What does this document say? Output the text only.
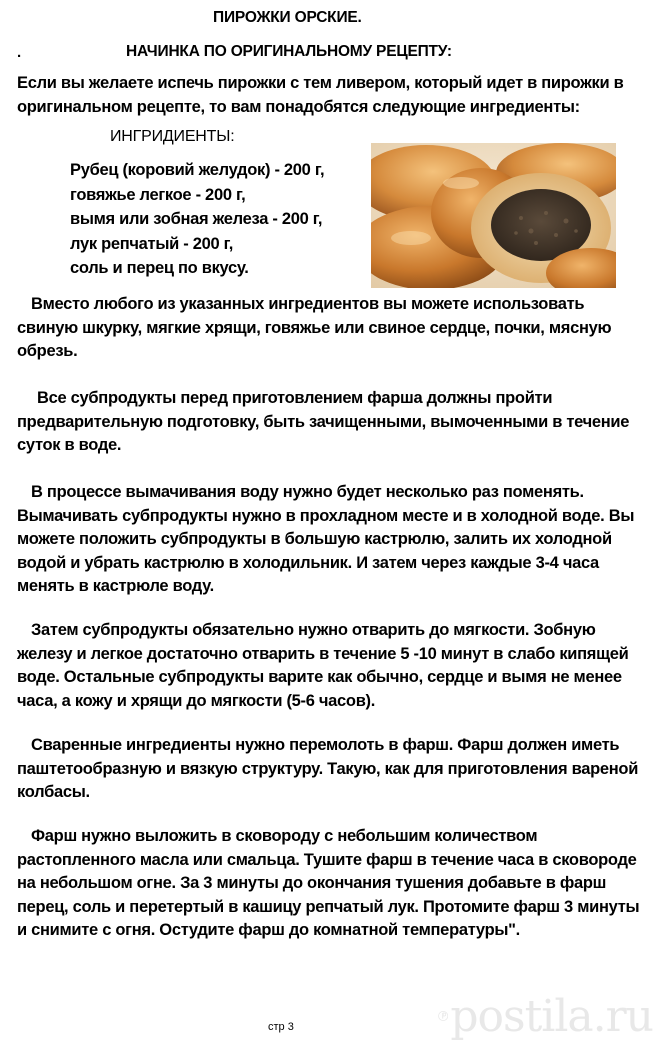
ПИРОЖКИ ОРСКИЕ.
.	НАЧИНКА ПО ОРИГИНАЛЬНОМУ РЕЦЕПТУ:
Если вы желаете испечь пирожки с тем ливером, который идет в пирожки в оригинальном рецепте, то вам понадобятся следующие ингредиенты:
ИНГРИДИЕНТЫ:
Рубец (коровий желудок) - 200 г,
говяжье легкое - 200 г,
вымя или зобная железа - 200 г,
лук репчатый - 200 г,
соль и перец по вкусу.

Вместо любого из указанных ингредиентов вы можете использовать свиную шкурку, мягкие хрящи, говяжье или свиное сердце, почки, мясную обрезь.

Все субпродукты перед приготовлением фарша должны пройти предварительную подготовку, быть зачищенными, вымоченными в течение суток в воде.

В процессе вымачивания воду нужно будет несколько раз поменять. Вымачивать субпродукты нужно в прохладном месте и в холодной воде. Вы можете положить субпродукты в большую кастрюлю, залить их холодной водой и убрать кастрюлю в холодильник. И затем через каждые 3-4 часа менять в кастрюле воду.

Затем субпродукты обязательно нужно отварить до мягкости. Зобную железу и легкое достаточно отварить в течение 5 -10 минут в слабо кипящей воде. Остальные субпродукты варите как обычно, сердце и вымя не менее часа, а кожу и хрящи до мягкости (5-6 часов).

Сваренные ингредиенты нужно перемолоть в фарш. Фарш должен иметь паштетообразную и вязкую структуру. Такую, как для приготовления вареной колбасы.

Фарш нужно выложить в сковороду с небольшим количеством растопленного масла или смальца. Тушите фарш в течение часа в сковороде на небольшом огне. За 3 минуты до окончания тушения добавьте в фарш перец, соль и перетертый в кашицу репчатый лук. Протомите фарш 3 минуты и снимите с огня. Остудите фарш до комнатной температуры".

стр 3	postila.ru
